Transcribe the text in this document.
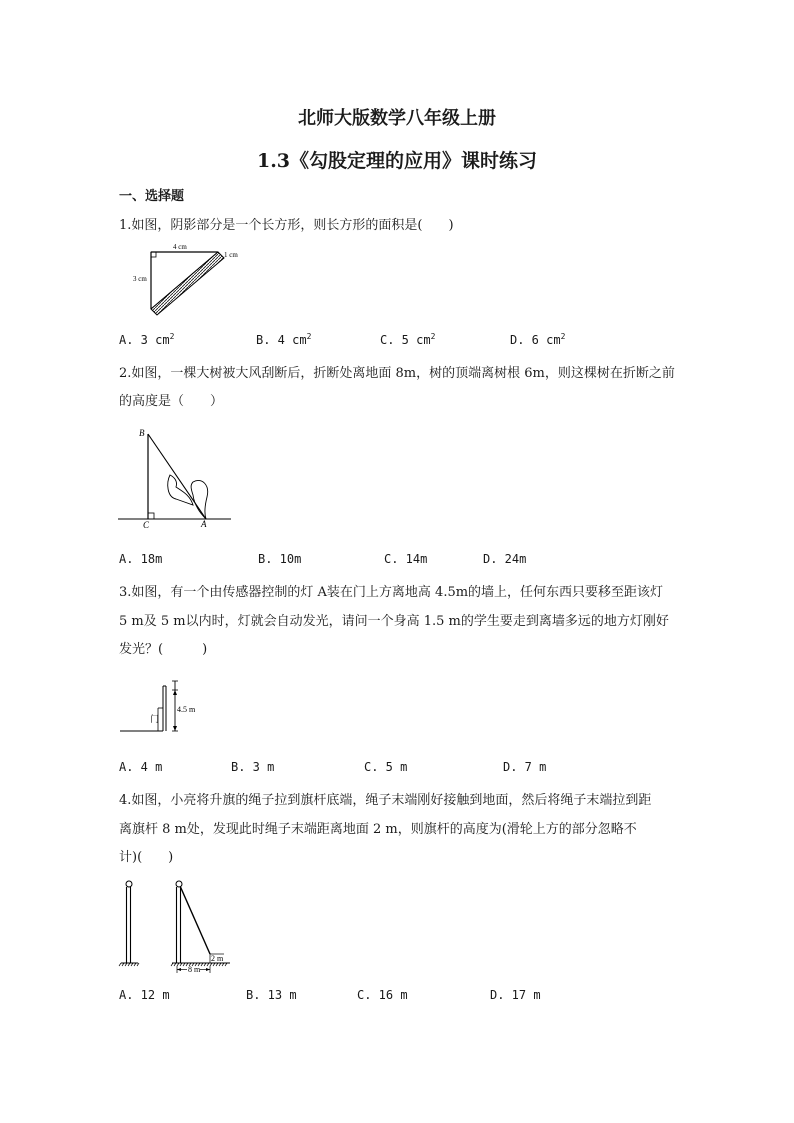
北师大版数学八年级上册
1.3《勾股定理的应用》课时练习
一、选择题
1.如图，阴影部分是一个长方形，则长方形的面积是(　　)
4 cm
1 cm
3 cm
A. 3 $cm^2$	B. 4 $cm^2$	C. 5 $cm^2$	D. 6 $cm^2$
2.如图，一棵大树被大风刮断后，折断处离地面 8m，树的顶端离树根 6m，则这棵树在折断之前
的高度是（　　）
B
C	A
A. 18m	B. 10m	C. 14m	D. 24m
3.如图，有一个由传感器控制的灯 A装在门上方离地高 4.5m的墙上，任何东西只要移至距该灯
5 m及 5 m以内时，灯就会自动发光，请问一个身高 1.5 m的学生要走到离墙多远的地方灯刚好
发光？(　　　)
4.5 m
门
A. 4 m	B. 3 m	C. 5 m	D. 7 m
4.如图，小亮将升旗的绳子拉到旗杆底端，绳子末端刚好接触到地面，然后将绳子末端拉到距
离旗杆 8 m处，发现此时绳子末端距离地面 2 m，则旗杆的高度为(滑轮上方的部分忽略不
计)(　　)
2 m
8 m
A. 12 m	B. 13 m	C. 16 m	D. 17 m
